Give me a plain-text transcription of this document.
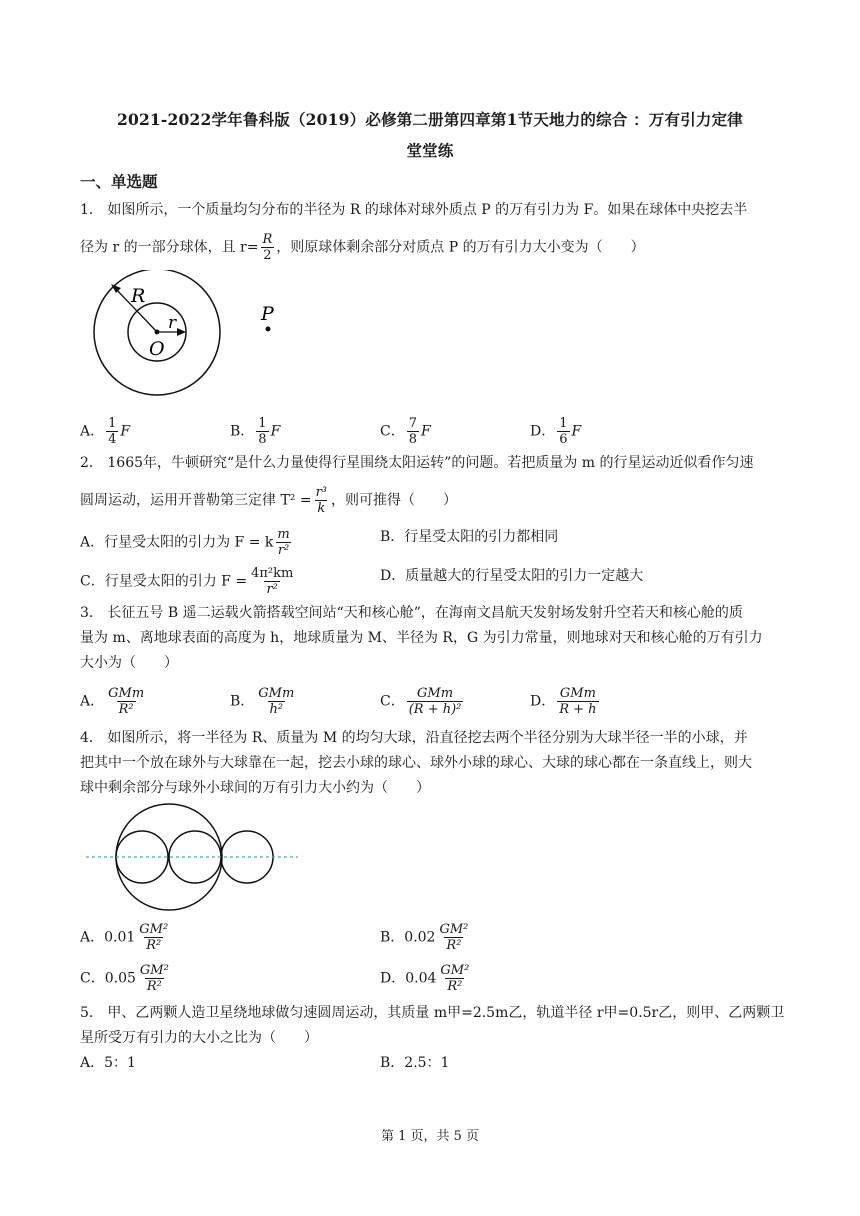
2021-2022学年鲁科版（2019）必修第二册第四章第1节天地力的综合 ：万有引力定律
堂堂练
一、单选题
1． 如图所示，一个质量均匀分布的半径为 R 的球体对球外质点 P 的万有引力为 F。如果在球体中央挖去半
径为 r 的一部分球体，且 $r= \frac{R}{2}$ ，则原球体剩余部分对质点 P 的万有引力大小变为（　　）
R
r
O
P
A． $\frac{1}{4}$ F	B． $\frac{1}{8}$ F	C． $\frac{7}{8}$ F	D． $\frac{1}{6}$ F
2． 1665年，牛顿研究“是什么力量使得行星围绕太阳运转”的问题。若把质量为 m 的行星运动近似看作匀速
圆周运动，运用开普勒第三定律 $T^2 = \frac{\text{r³}}{k}$ ，则可推得（　　）
A．行星受太阳的引力为 F = k $\frac{m}{\text{r²}}$	B．行星受太阳的引力都相同
C．行星受太阳的引力 $F = \frac{\text{4π²km}}{\text{r²}}$	D．质量越大的行星受太阳的引力一定越大
3． 长征五号 B 遥二运载火箭搭载空间站“天和核心舱”，在海南文昌航天发射场发射升空若天和核心舱的质
量为 m、离地球表面的高度为 h，地球质量为 M、半径为 R，G 为引力常量，则地球对天和核心舱的万有引力
大小为（　　）
A． $\frac{\text{GMm}}{\text{R²}}$	B． $\frac{\text{GMm}}{\text{h²}}$	C． $\frac{\text{GMm}}{\text{(R + h)²}}$	D． $\frac{\text{GMm}}{R + h}$
4． 如图所示，将一半径为 R、质量为 M 的均匀大球，沿直径挖去两个半径分别为大球半径一半的小球，并
把其中一个放在球外与大球靠在一起，挖去小球的球心、球外小球的球心、大球的球心都在一条直线上，则大
球中剩余部分与球外小球间的万有引力大小约为（　　）
A．$0.01 \frac{\text{GM²}}{\text{R²}}$	B．$0.02 \frac{\text{GM²}}{\text{R²}}$
C．$0.05 \frac{\text{GM²}}{\text{R²}}$	D．$0.04 \frac{\text{GM²}}{\text{R²}}$
5． 甲、乙两颗人造卫星绕地球做匀速圆周运动，其质量 m甲=2.5m乙，轨道半径 r甲=0.5r乙，则甲、乙两颗卫
星所受万有引力的大小之比为（　　）
A．5：1	B．2.5：1
第 1 页，共 5 页
